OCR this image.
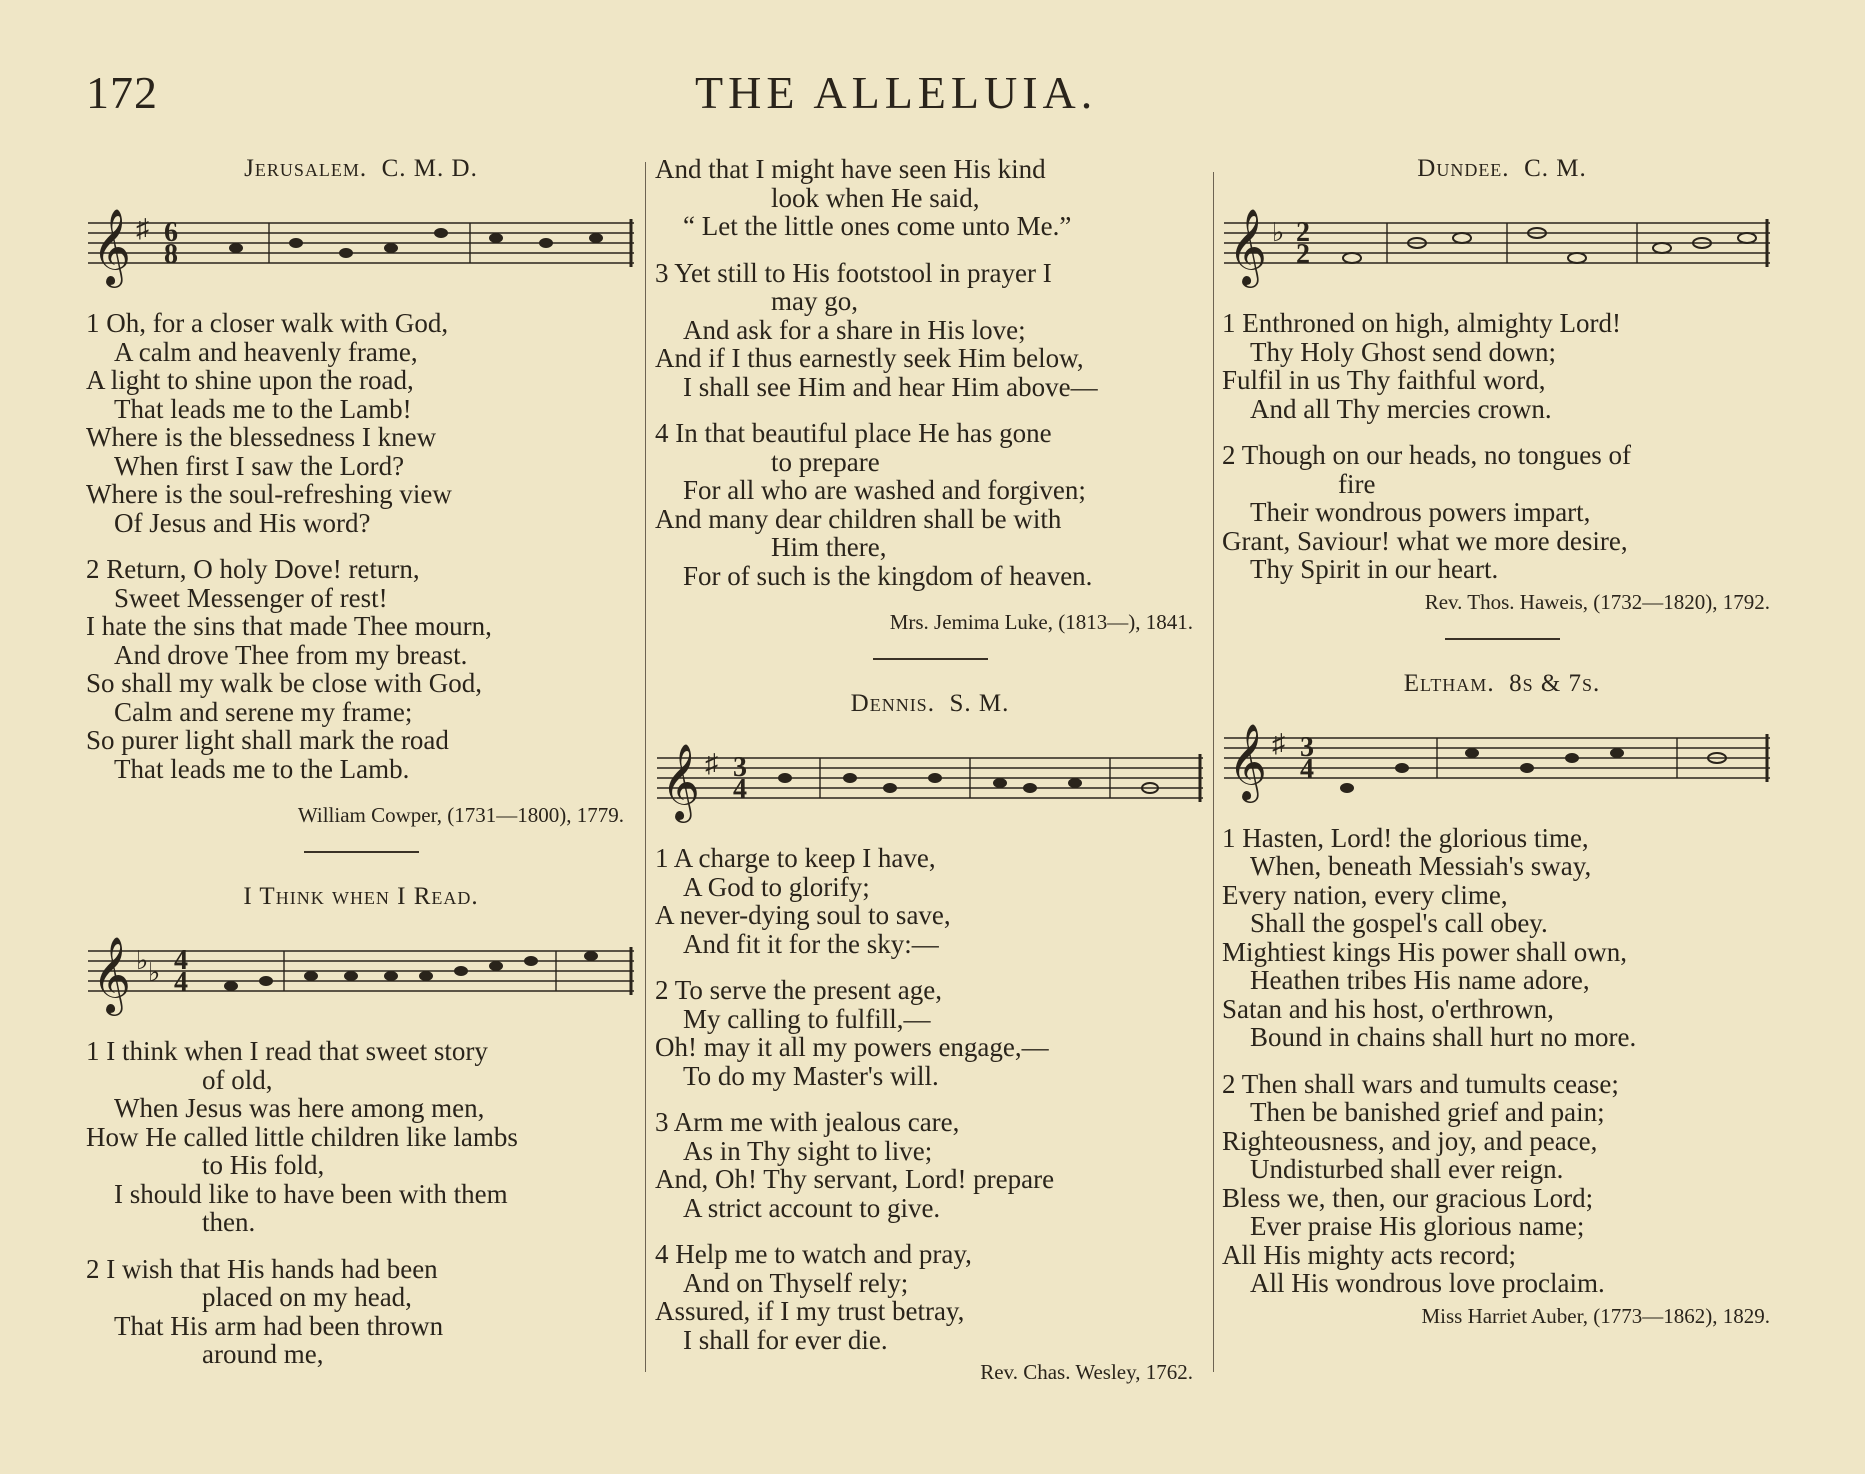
172	THE ALLELUIA.
Jerusalem. C. M. D.
𝄞 ♯ 6
8
1 Oh, for a closer walk with God,
A calm and heavenly frame,
A light to shine upon the road,
That leads me to the Lamb!
Where is the blessedness I knew
When first I saw the Lord?
Where is the soul-refreshing view
Of Jesus and His word?
2 Return, O holy Dove! return,
Sweet Messenger of rest!
I hate the sins that made Thee mourn,
And drove Thee from my breast.
So shall my walk be close with God,
Calm and serene my frame;
So purer light shall mark the road
That leads me to the Lamb.
William Cowper, (1731—1800), 1779.
I Think when I Read.
𝄞 ♭ ♭ 4
4
1 I think when I read that sweet story
of old,
When Jesus was here among men,
How He called little children like lambs
to His fold,
I should like to have been with them
then.
2 I wish that His hands had been
placed on my head,
That His arm had been thrown
around me,
And that I might have seen His kind
look when He said,
“ Let the little ones come unto Me.”
3 Yet still to His footstool in prayer I
may go,
And ask for a share in His love;
And if I thus earnestly seek Him below,
I shall see Him and hear Him above—
4 In that beautiful place He has gone
to prepare
For all who are washed and forgiven;
And many dear children shall be with
Him there,
For of such is the kingdom of heaven.
Mrs. Jemima Luke, (1813—), 1841.
Dennis. S. M.
𝄞 ♯ 3
4
1 A charge to keep I have,
A God to glorify;
A never-dying soul to save,
And fit it for the sky:—
2 To serve the present age,
My calling to fulfill,—
Oh! may it all my powers engage,—
To do my Master's will.
3 Arm me with jealous care,
As in Thy sight to live;
And, Oh! Thy servant, Lord! prepare
A strict account to give.
4 Help me to watch and pray,
And on Thyself rely;
Assured, if I my trust betray,
I shall for ever die.
Rev. Chas. Wesley, 1762.
Dundee. C. M.
𝄞 ♭ 2
2
1 Enthroned on high, almighty Lord!
Thy Holy Ghost send down;
Fulfil in us Thy faithful word,
And all Thy mercies crown.
2 Though on our heads, no tongues of
fire
Their wondrous powers impart,
Grant, Saviour! what we more desire,
Thy Spirit in our heart.
Rev. Thos. Haweis, (1732—1820), 1792.
Eltham. 8s & 7s.
𝄞 ♯ 3
4
1 Hasten, Lord! the glorious time,
When, beneath Messiah's sway,
Every nation, every clime,
Shall the gospel's call obey.
Mightiest kings His power shall own,
Heathen tribes His name adore,
Satan and his host, o'erthrown,
Bound in chains shall hurt no more.
2 Then shall wars and tumults cease;
Then be banished grief and pain;
Righteousness, and joy, and peace,
Undisturbed shall ever reign.
Bless we, then, our gracious Lord;
Ever praise His glorious name;
All His mighty acts record;
All His wondrous love proclaim.
Miss Harriet Auber, (1773—1862), 1829.
